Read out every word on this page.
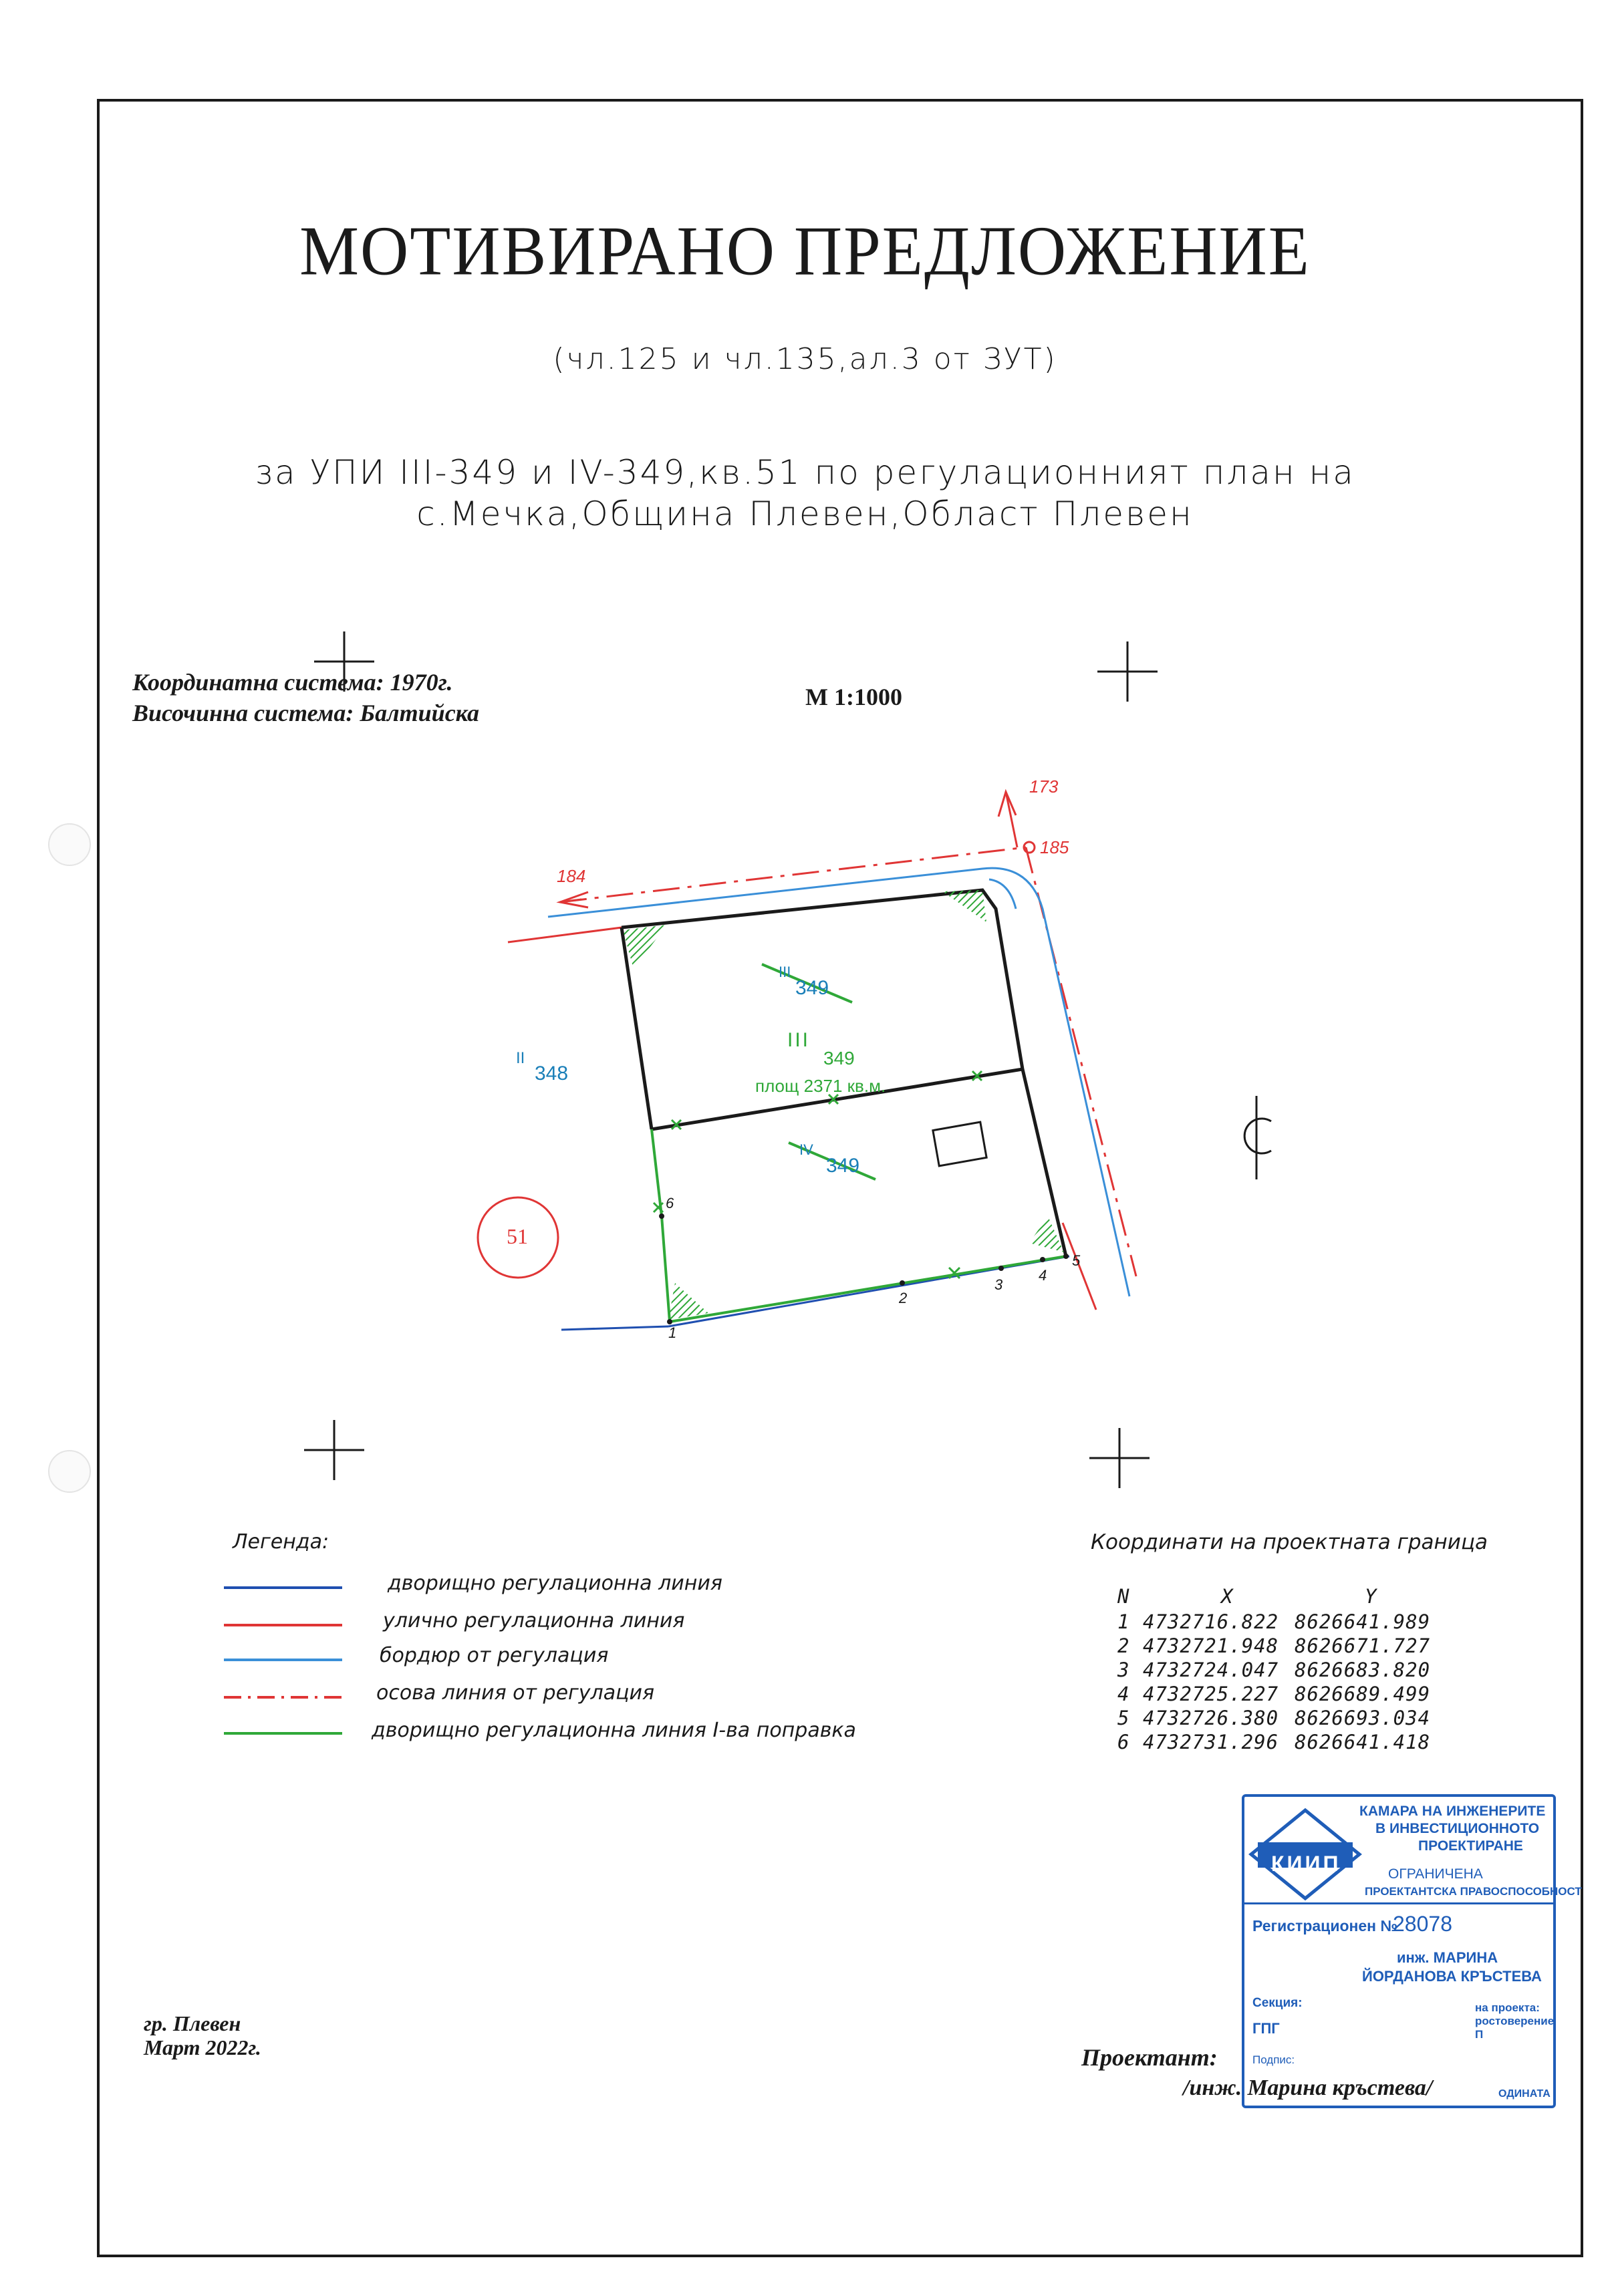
МОТИВИРАНО ПРЕДЛОЖЕНИЕ
(чл.125 и чл.135,ал.3 от ЗУТ)
за УПИ III-349 и IV-349,кв.51 по регулационният план на
с.Мечка,Община Плевен,Област Плевен
Координатна система: 1970г.
Височинна система: Балтийска
М 1:1000
184
173
185
III
349
III
349
площ 2371 кв.м.
IV
349
II
348
51
1
2
3
4
5
6
Легенда:
дворищно регулационна линия
улично регулационна линия
бордюр от регулация
осова линия от регулация
дворищно регулационна линия I-ва поправка
Координати на проектната граница
N	X	Y
1 4732716.822 8626641.989
2 4732721.948 8626671.727
3 4732724.047 8626683.820
4 4732725.227 8626689.499
5 4732726.380 8626693.034
6 4732731.296 8626641.418
КАМАРА НА ИНЖЕНЕРИТЕ
В ИНВЕСТИЦИОННОТО
ПРОЕКТИРАНЕ
КИИП	ОГРАНИЧЕНА
ПРОЕКТАНТСКА ПРАВОСПОСОБНОСТ
Регистрационен №
28078
инж. МАРИНА
ЙОРДАНОВА КРЪСТЕВА
Секция:
ГПГ
на проекта:
ростоверение
П
Подпис:
ОДИНАТА
гр. Плевен
Март 2022г.	Проектант:
/инж. Марина кръстева/
